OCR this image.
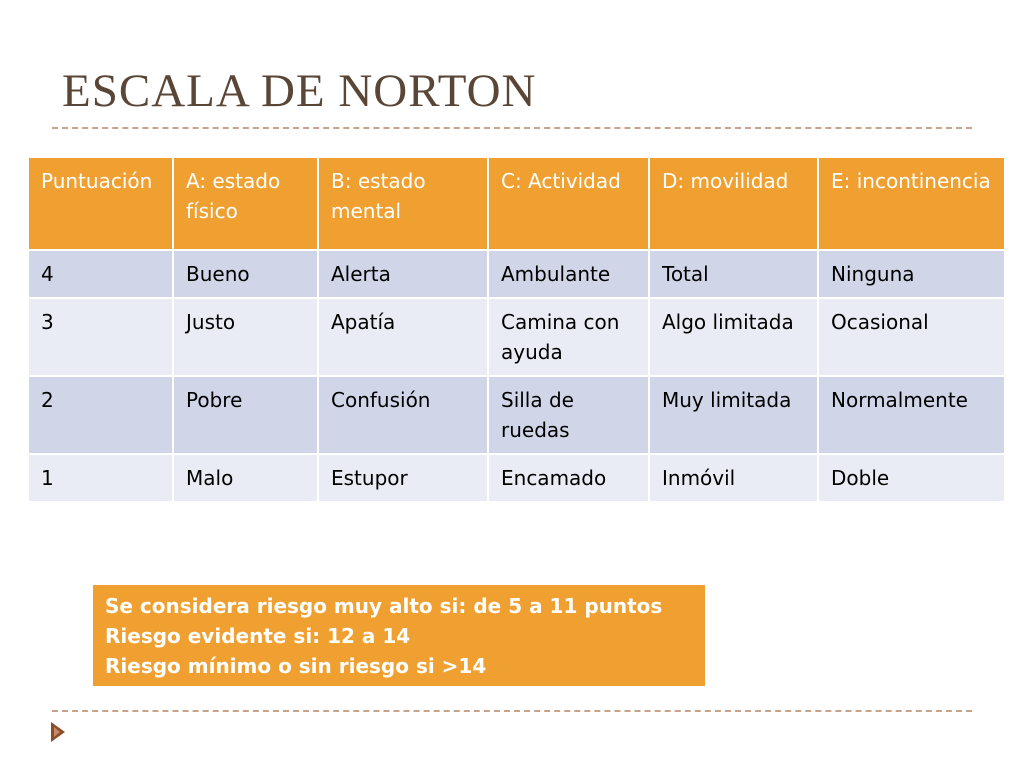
ESCALA DE NORTON
Puntuación	A: estado físico	B: estado mental	C: Actividad	D: movilidad	E: incontinencia
4	Bueno	Alerta	Ambulante	Total	Ninguna
3	Justo	Apatía	Camina con ayuda	Algo limitada	Ocasional
2	Pobre	Confusión	Silla de ruedas	Muy limitada	Normalmente
1	Malo	Estupor	Encamado	Inmóvil	Doble
Se considera riesgo muy alto si: de 5 a 11 puntos
Riesgo evidente si: 12 a 14
Riesgo mínimo o sin riesgo si >14
